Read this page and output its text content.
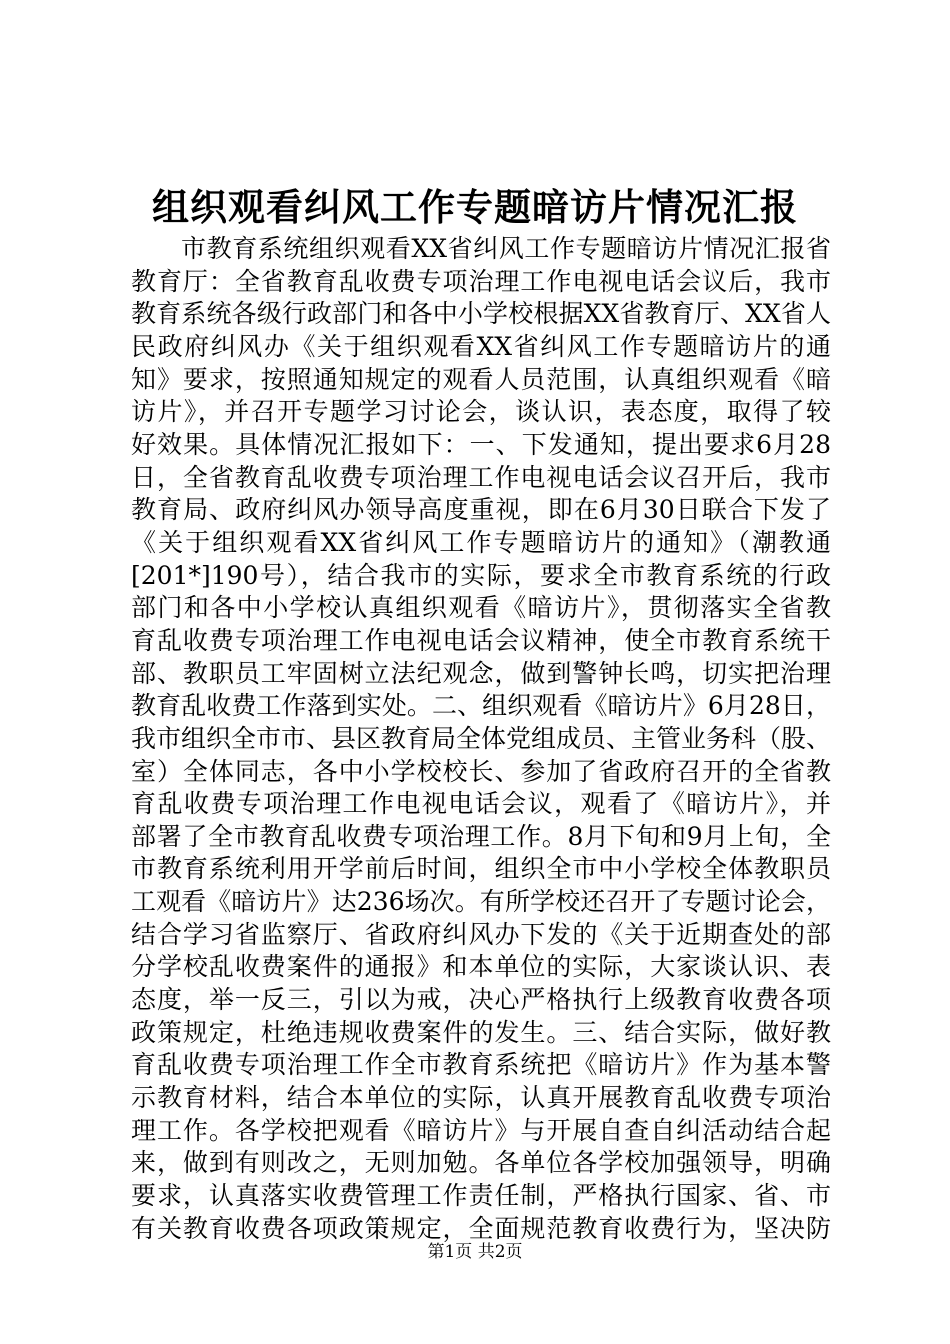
组织观看纠风工作专题暗访片情况汇报
市教育系统组织观看XX省纠风工作专题暗访片情况汇报省
教育厅：全省教育乱收费专项治理工作电视电话会议后，我市
教育系统各级行政部门和各中小学校根据XX省教育厅、XX省人
民政府纠风办《关于组织观看XX省纠风工作专题暗访片的通
知》要求，按照通知规定的观看人员范围，认真组织观看《暗
访片》，并召开专题学习讨论会，谈认识，表态度，取得了较
好效果。具体情况汇报如下：一、下发通知，提出要求6月28
日，全省教育乱收费专项治理工作电视电话会议召开后，我市
教育局、政府纠风办领导高度重视，即在6月30日联合下发了
《关于组织观看XX省纠风工作专题暗访片的通知》（潮教通
[201*]190号），结合我市的实际，要求全市教育系统的行政
部门和各中小学校认真组织观看《暗访片》，贯彻落实全省教
育乱收费专项治理工作电视电话会议精神，使全市教育系统干
部、教职员工牢固树立法纪观念，做到警钟长鸣，切实把治理
教育乱收费工作落到实处。二、组织观看《暗访片》6月28日，
我市组织全市市、县区教育局全体党组成员、主管业务科（股、
室）全体同志，各中小学校校长、参加了省政府召开的全省教
育乱收费专项治理工作电视电话会议，观看了《暗访片》，并
部署了全市教育乱收费专项治理工作。8月下旬和9月上旬，全
市教育系统利用开学前后时间，组织全市中小学校全体教职员
工观看《暗访片》达236场次。有所学校还召开了专题讨论会，
结合学习省监察厅、省政府纠风办下发的《关于近期查处的部
分学校乱收费案件的通报》和本单位的实际，大家谈认识、表
态度，举一反三，引以为戒，决心严格执行上级教育收费各项
政策规定，杜绝违规收费案件的发生。三、结合实际，做好教
育乱收费专项治理工作全市教育系统把《暗访片》作为基本警
示教育材料，结合本单位的实际，认真开展教育乱收费专项治
理工作。各学校把观看《暗访片》与开展自查自纠活动结合起
来，做到有则改之，无则加勉。各单位各学校加强领导，明确
要求，认真落实收费管理工作责任制，严格执行国家、省、市
有关教育收费各项政策规定，全面规范教育收费行为，坚决防
第1页 共2页
